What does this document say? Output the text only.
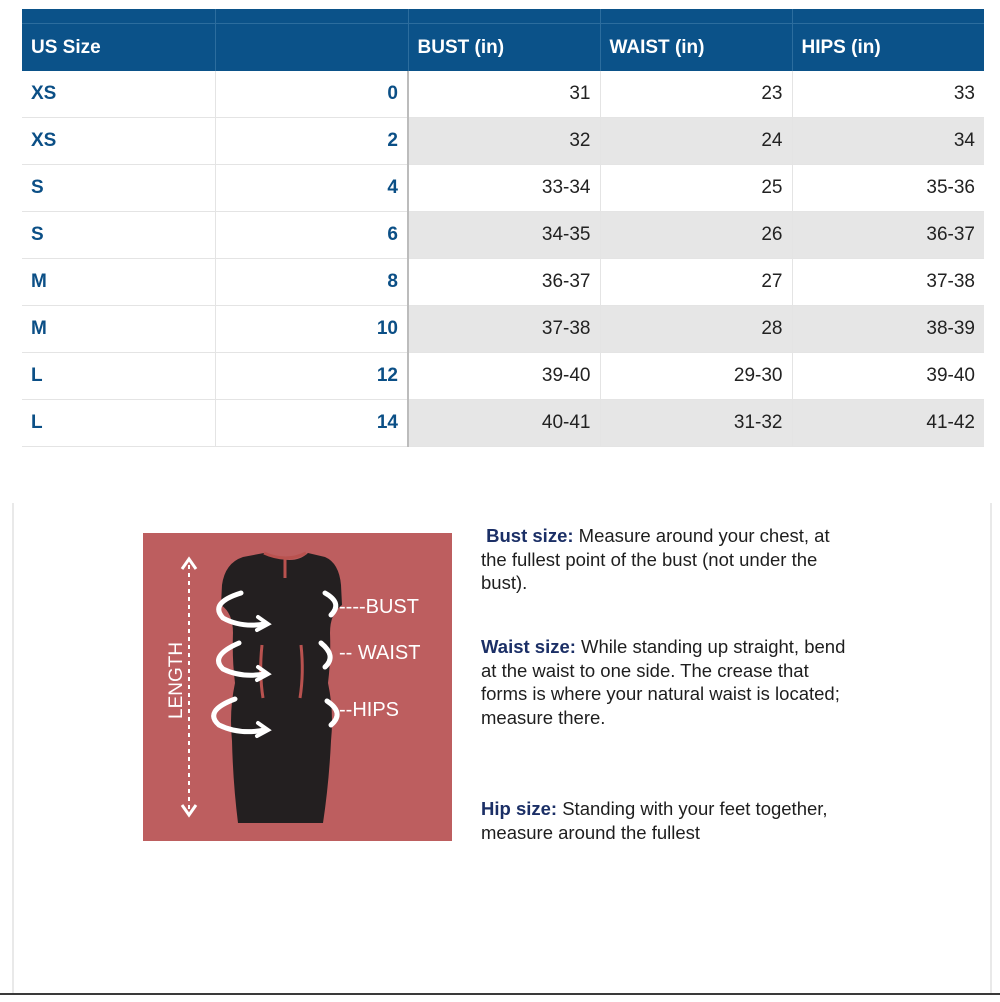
US Size		BUST (in)	WAIST (in)	HIPS (in)
XS	0	31	23	33
XS	2	32	24	34
S	4	33-34	25	35-36
S	6	34-35	26	36-37
M	8	36-37	27	37-38
M	10	37-38	28	38-39
L	12	39-40	29-30	39-40
L	14	40-41	31-32	41-42
LENGTH
----BUST
-- WAIST
--HIPS
Bust size: Measure around your chest, at the fullest point of the bust (not under the bust).
Waist size: While standing up straight, bend at the waist to one side. The crease that forms is where your natural waist is located; measure there.
Hip size: Standing with your feet together, measure around the fullest
